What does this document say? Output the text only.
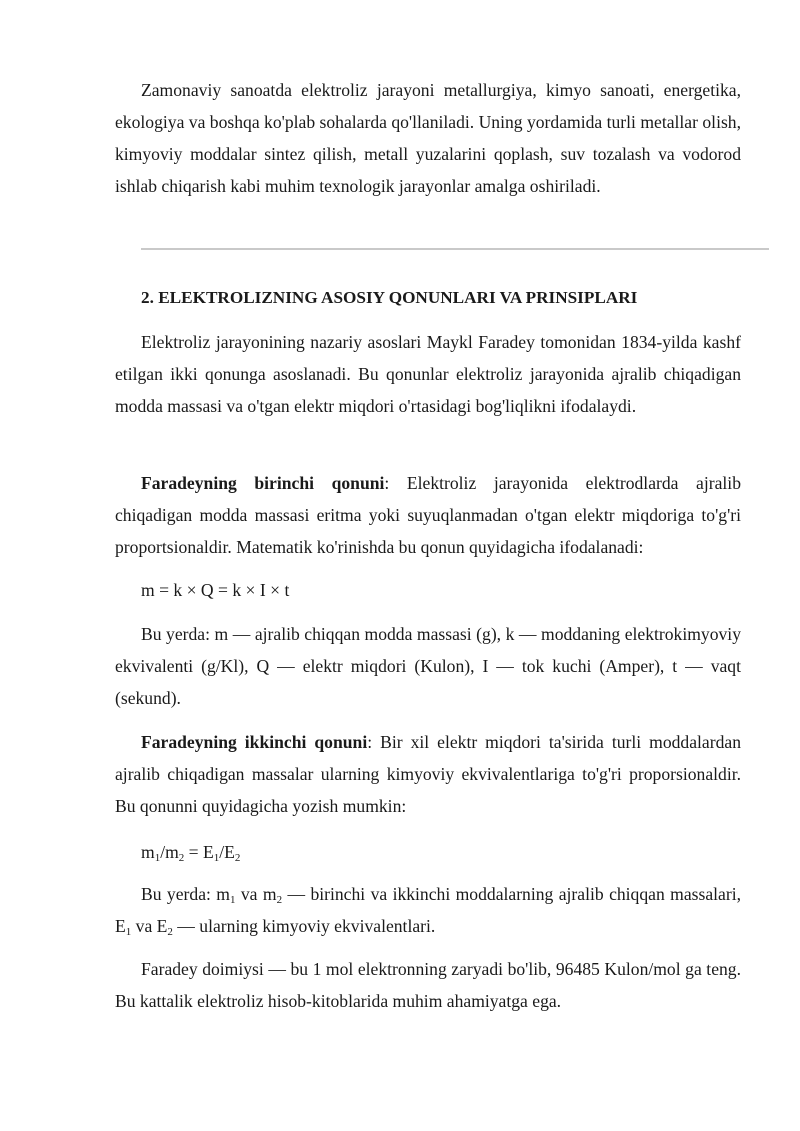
Zamonaviy sanoatda elektroliz jarayoni metallurgiya, kimyo sanoati, energetika, ekologiya va boshqa ko'plab sohalarda qo'llaniladi. Uning yordamida turli metallar olish, kimyoviy moddalar sintez qilish, metall yuzalarini qoplash, suv tozalash va vodorod ishlab chiqarish kabi muhim texnologik jarayonlar amalga oshiriladi.

2. ELEKTROLIZNING ASOSIY QONUNLARI VA PRINSIPLARI

Elektroliz jarayonining nazariy asoslari Maykl Faradey tomonidan 1834-yilda kashf etilgan ikki qonunga asoslanadi. Bu qonunlar elektroliz jarayonida ajralib chiqadigan modda massasi va o'tgan elektr miqdori o'rtasidagi bog'liqlikni ifodalaydi.

Faradeyning birinchi qonuni: Elektroliz jarayonida elektrodlarda ajralib chiqadigan modda massasi eritma yoki suyuqlanmadan o'tgan elektr miqdoriga to'g'ri proportsionaldir. Matematik ko'rinishda bu qonun quyidagicha ifodalanadi:

m = k × Q = k × I × t

Bu yerda: m — ajralib chiqqan modda massasi (g), k — moddaning elektrokimyoviy ekvivalenti (g/Kl), Q — elektr miqdori (Kulon), I — tok kuchi (Amper), t — vaqt (sekund).

Faradeyning ikkinchi qonuni: Bir xil elektr miqdori ta'sirida turli moddalardan ajralib chiqadigan massalar ularning kimyoviy ekvivalentlariga to'g'ri proporsionaldir. Bu qonunni quyidagicha yozish mumkin:

$m_1/m_2 = E_1/E_2$

Bu yerda: $m_1$ va $m_2$ — birinchi va ikkinchi moddalarning ajralib chiqqan massalari, $E_1$ va $E_2$ — ularning kimyoviy ekvivalentlari.

Faradey doimiysi — bu 1 mol elektronning zaryadi bo'lib, 96485 Kulon/mol ga teng. Bu kattalik elektroliz hisob-kitoblarida muhim ahamiyatga ega.
